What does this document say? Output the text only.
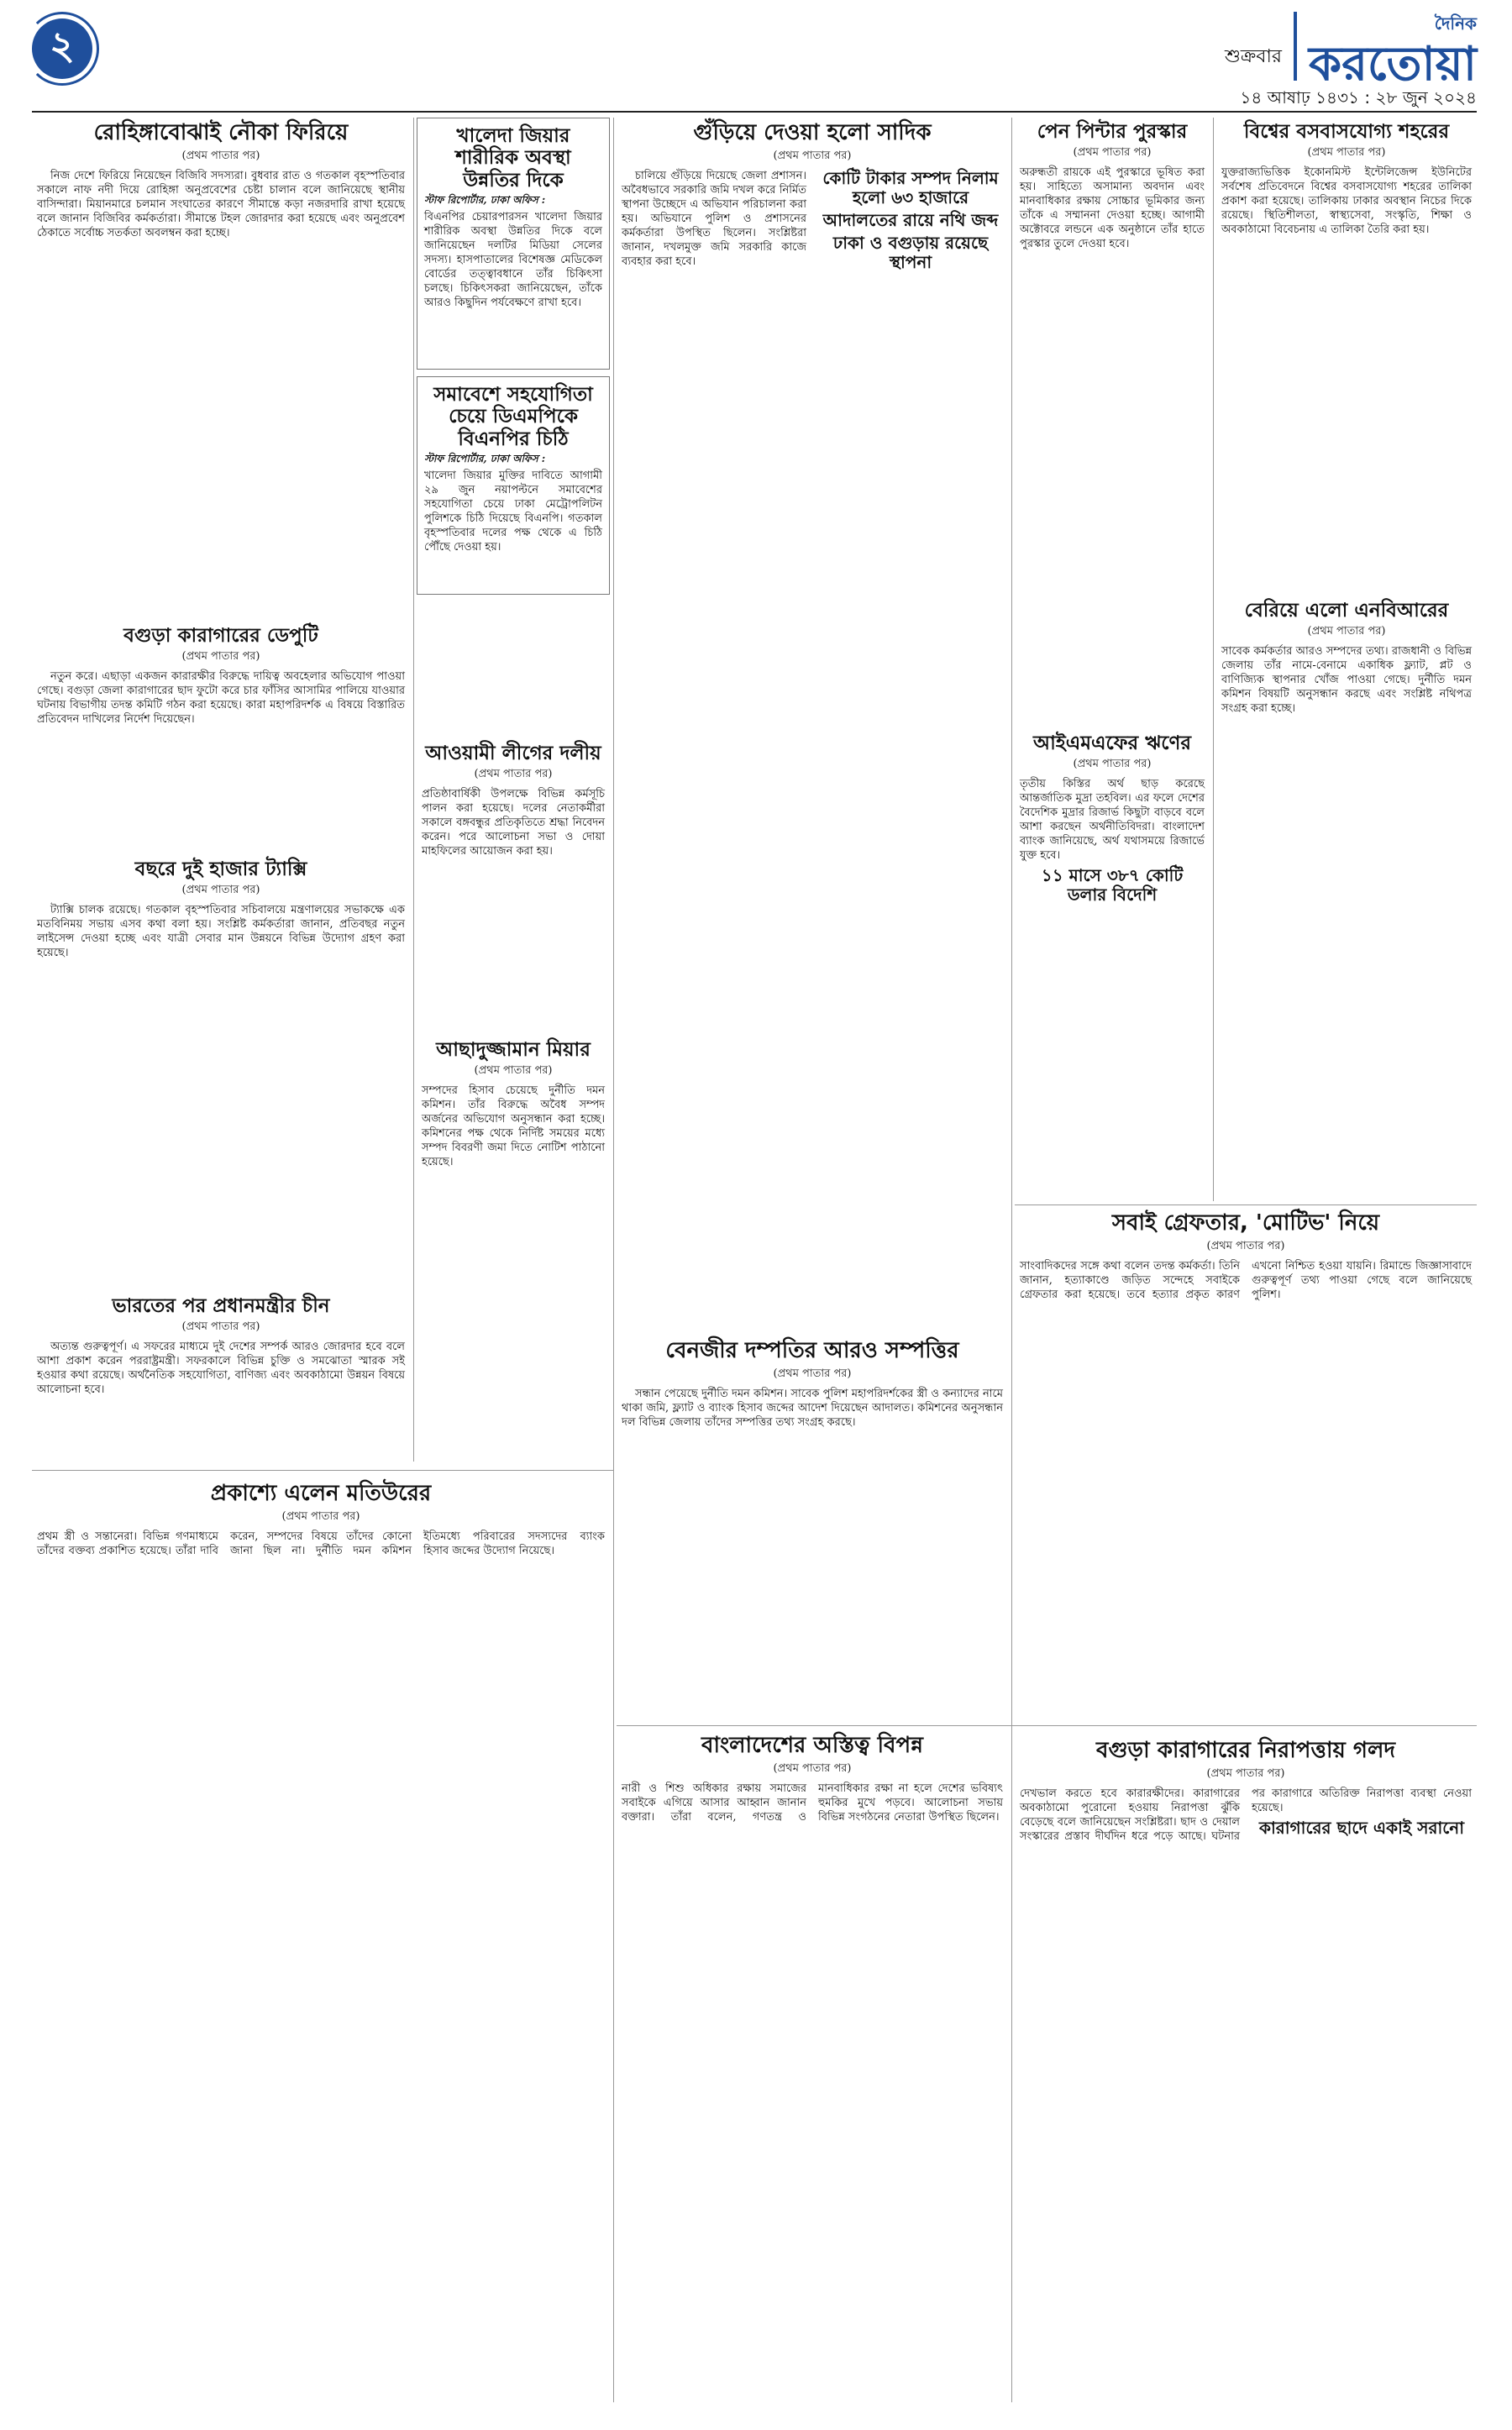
২	শুক্রবার
দৈনিক
করতোয়া
১৪ আষাঢ় ১৪৩১ : ২৮ জুন ২০২৪
রোহিঙ্গাবোঝাই নৌকা ফিরিয়ে
(প্রথম পাতার পর)

নিজ দেশে ফিরিয়ে নিয়েছেন বিজিবি সদস্যরা। বুধবার রাত ও গতকাল বৃহস্পতিবার সকালে নাফ নদী দিয়ে রোহিঙ্গা অনুপ্রবেশের চেষ্টা চালান বলে জানিয়েছে স্থানীয় বাসিন্দারা। মিয়ানমারে চলমান সংঘাতের কারণে সীমান্তে কড়া নজরদারি রাখা হয়েছে বলে জানান বিজিবির কর্মকর্তারা। সীমান্তে টহল জোরদার করা হয়েছে এবং অনুপ্রবেশ ঠেকাতে সর্বোচ্চ সতর্কতা অবলম্বন করা হচ্ছে।

বগুড়া কারাগারের ডেপুটি
(প্রথম পাতার পর)

নতুন করে। এছাড়া একজন কারারক্ষীর বিরুদ্ধে দায়িত্ব অবহেলার অভিযোগ পাওয়া গেছে। বগুড়া জেলা কারাগারের ছাদ ফুটো করে চার ফাঁসির আসামির পালিয়ে যাওয়ার ঘটনায় বিভাগীয় তদন্ত কমিটি গঠন করা হয়েছে। কারা মহাপরিদর্শক এ বিষয়ে বিস্তারিত প্রতিবেদন দাখিলের নির্দেশ দিয়েছেন।

বছরে দুই হাজার ট্যাক্সি
(প্রথম পাতার পর)

ট্যাক্সি চালক রয়েছে। গতকাল বৃহস্পতিবার সচিবালয়ে মন্ত্রণালয়ের সভাকক্ষে এক মতবিনিময় সভায় এসব কথা বলা হয়। সংশ্লিষ্ট কর্মকর্তারা জানান, প্রতিবছর নতুন লাইসেন্স দেওয়া হচ্ছে এবং যাত্রী সেবার মান উন্নয়নে বিভিন্ন উদ্যোগ গ্রহণ করা হয়েছে।

ভারতের পর প্রধানমন্ত্রীর চীন
(প্রথম পাতার পর)

অত্যন্ত গুরুত্বপূর্ণ। এ সফরের মাধ্যমে দুই দেশের সম্পর্ক আরও জোরদার হবে বলে আশা প্রকাশ করেন পররাষ্ট্রমন্ত্রী। সফরকালে বিভিন্ন চুক্তি ও সমঝোতা স্মারক সই হওয়ার কথা রয়েছে। অর্থনৈতিক সহযোগিতা, বাণিজ্য এবং অবকাঠামো উন্নয়ন বিষয়ে আলোচনা হবে।

খালেদা জিয়ার শারীরিক অবস্থা উন্নতির দিকে
স্টাফ রিপোর্টার, ঢাকা অফিস :

বিএনপির চেয়ারপারসন খালেদা জিয়ার শারীরিক অবস্থা উন্নতির দিকে বলে জানিয়েছেন দলটির মিডিয়া সেলের সদস্য। হাসপাতালের বিশেষজ্ঞ মেডিকেল বোর্ডের তত্ত্বাবধানে তাঁর চিকিৎসা চলছে। চিকিৎসকরা জানিয়েছেন, তাঁকে আরও কিছুদিন পর্যবেক্ষণে রাখা হবে।

সমাবেশে সহযোগিতা চেয়ে ডিএমপিকে বিএনপির চিঠি
স্টাফ রিপোর্টার, ঢাকা অফিস :

খালেদা জিয়ার মুক্তির দাবিতে আগামী ২৯ জুন নয়াপল্টনে সমাবেশের সহযোগিতা চেয়ে ঢাকা মেট্রোপলিটন পুলিশকে চিঠি দিয়েছে বিএনপি। গতকাল বৃহস্পতিবার দলের পক্ষ থেকে এ চিঠি পৌঁছে দেওয়া হয়।

আওয়ামী লীগের দলীয়
(প্রথম পাতার পর)

প্রতিষ্ঠাবার্ষিকী উপলক্ষে বিভিন্ন কর্মসূচি পালন করা হয়েছে। দলের নেতাকর্মীরা সকালে বঙ্গবন্ধুর প্রতিকৃতিতে শ্রদ্ধা নিবেদন করেন। পরে আলোচনা সভা ও দোয়া মাহফিলের আয়োজন করা হয়।

আছাদুজ্জামান মিয়ার
(প্রথম পাতার পর)

সম্পদের হিসাব চেয়েছে দুর্নীতি দমন কমিশন। তাঁর বিরুদ্ধে অবৈধ সম্পদ অর্জনের অভিযোগ অনুসন্ধান করা হচ্ছে। কমিশনের পক্ষ থেকে নির্দিষ্ট সময়ের মধ্যে সম্পদ বিবরণী জমা দিতে নোটিশ পাঠানো হয়েছে।

গুঁড়িয়ে দেওয়া হলো সাদিক
(প্রথম পাতার পর)

চালিয়ে গুঁড়িয়ে দিয়েছে জেলা প্রশাসন। অবৈধভাবে সরকারি জমি দখল করে নির্মিত স্থাপনা উচ্ছেদে এ অভিযান পরিচালনা করা হয়। অভিযানে পুলিশ ও প্রশাসনের কর্মকর্তারা উপস্থিত ছিলেন। সংশ্লিষ্টরা জানান, দখলমুক্ত জমি সরকারি কাজে ব্যবহার করা হবে।

কোটি টাকার সম্পদ নিলাম হলো ৬৩ হাজারে
আদালতের রায়ে নথি জব্দ
ঢাকা ও বগুড়ায় রয়েছে স্থাপনা
বেনজীর দম্পতির আরও সম্পত্তির
(প্রথম পাতার পর)

সন্ধান পেয়েছে দুর্নীতি দমন কমিশন। সাবেক পুলিশ মহাপরিদর্শকের স্ত্রী ও কন্যাদের নামে থাকা জমি, ফ্ল্যাট ও ব্যাংক হিসাব জব্দের আদেশ দিয়েছেন আদালত। কমিশনের অনুসন্ধান দল বিভিন্ন জেলায় তাঁদের সম্পত্তির তথ্য সংগ্রহ করছে।

পেন পিন্টার পুরস্কার
(প্রথম পাতার পর)

অরুন্ধতী রায়কে এই পুরস্কারে ভূষিত করা হয়। সাহিত্যে অসামান্য অবদান এবং মানবাধিকার রক্ষায় সোচ্চার ভূমিকার জন্য তাঁকে এ সম্মাননা দেওয়া হচ্ছে। আগামী অক্টোবরে লন্ডনে এক অনুষ্ঠানে তাঁর হাতে পুরস্কার তুলে দেওয়া হবে।

আইএমএফের ঋণের
(প্রথম পাতার পর)

তৃতীয় কিস্তির অর্থ ছাড় করেছে আন্তর্জাতিক মুদ্রা তহবিল। এর ফলে দেশের বৈদেশিক মুদ্রার রিজার্ভ কিছুটা বাড়বে বলে আশা করছেন অর্থনীতিবিদরা। বাংলাদেশ ব্যাংক জানিয়েছে, অর্থ যথাসময়ে রিজার্ভে যুক্ত হবে।

১১ মাসে ৩৮৭ কোটি ডলার বিদেশি
বিশ্বের বসবাসযোগ্য শহরের
(প্রথম পাতার পর)

যুক্তরাজ্যভিত্তিক ইকোনমিস্ট ইন্টেলিজেন্স ইউনিটের সর্বশেষ প্রতিবেদনে বিশ্বের বসবাসযোগ্য শহরের তালিকা প্রকাশ করা হয়েছে। তালিকায় ঢাকার অবস্থান নিচের দিকে রয়েছে। স্থিতিশীলতা, স্বাস্থ্যসেবা, সংস্কৃতি, শিক্ষা ও অবকাঠামো বিবেচনায় এ তালিকা তৈরি করা হয়।

বেরিয়ে এলো এনবিআরের
(প্রথম পাতার পর)

সাবেক কর্মকর্তার আরও সম্পদের তথ্য। রাজধানী ও বিভিন্ন জেলায় তাঁর নামে-বেনামে একাধিক ফ্ল্যাট, প্লট ও বাণিজ্যিক স্থাপনার খোঁজ পাওয়া গেছে। দুর্নীতি দমন কমিশন বিষয়টি অনুসন্ধান করছে এবং সংশ্লিষ্ট নথিপত্র সংগ্রহ করা হচ্ছে।

সবাই গ্রেফতার, 'মোটিভ' নিয়ে
(প্রথম পাতার পর)

সাংবাদিকদের সঙ্গে কথা বলেন তদন্ত কর্মকর্তা। তিনি জানান, হত্যাকাণ্ডে জড়িত সন্দেহে সবাইকে গ্রেফতার করা হয়েছে। তবে হত্যার প্রকৃত কারণ এখনো নিশ্চিত হওয়া যায়নি। রিমান্ডে জিজ্ঞাসাবাদে গুরুত্বপূর্ণ তথ্য পাওয়া গেছে বলে জানিয়েছে পুলিশ।

প্রকাশ্যে এলেন মতিউরের
(প্রথম পাতার পর)

প্রথম স্ত্রী ও সন্তানেরা। বিভিন্ন গণমাধ্যমে তাঁদের বক্তব্য প্রকাশিত হয়েছে। তাঁরা দাবি করেন, সম্পদের বিষয়ে তাঁদের কোনো জানা ছিল না। দুর্নীতি দমন কমিশন ইতিমধ্যে পরিবারের সদস্যদের ব্যাংক হিসাব জব্দের উদ্যোগ নিয়েছে।

বাংলাদেশের অস্তিত্ব বিপন্ন
(প্রথম পাতার পর)

নারী ও শিশু অধিকার রক্ষায় সমাজের সবাইকে এগিয়ে আসার আহ্বান জানান বক্তারা। তাঁরা বলেন, গণতন্ত্র ও মানবাধিকার রক্ষা না হলে দেশের ভবিষ্যৎ হুমকির মুখে পড়বে। আলোচনা সভায় বিভিন্ন সংগঠনের নেতারা উপস্থিত ছিলেন।

বগুড়া কারাগারের নিরাপত্তায় গলদ
(প্রথম পাতার পর)

দেখভাল করতে হবে কারারক্ষীদের। কারাগারের অবকাঠামো পুরোনো হওয়ায় নিরাপত্তা ঝুঁকি বেড়েছে বলে জানিয়েছেন সংশ্লিষ্টরা। ছাদ ও দেয়াল সংস্কারের প্রস্তাব দীর্ঘদিন ধরে পড়ে আছে। ঘটনার পর কারাগারে অতিরিক্ত নিরাপত্তা ব্যবস্থা নেওয়া হয়েছে।

কারাগারের ছাদে একাই সরানো
